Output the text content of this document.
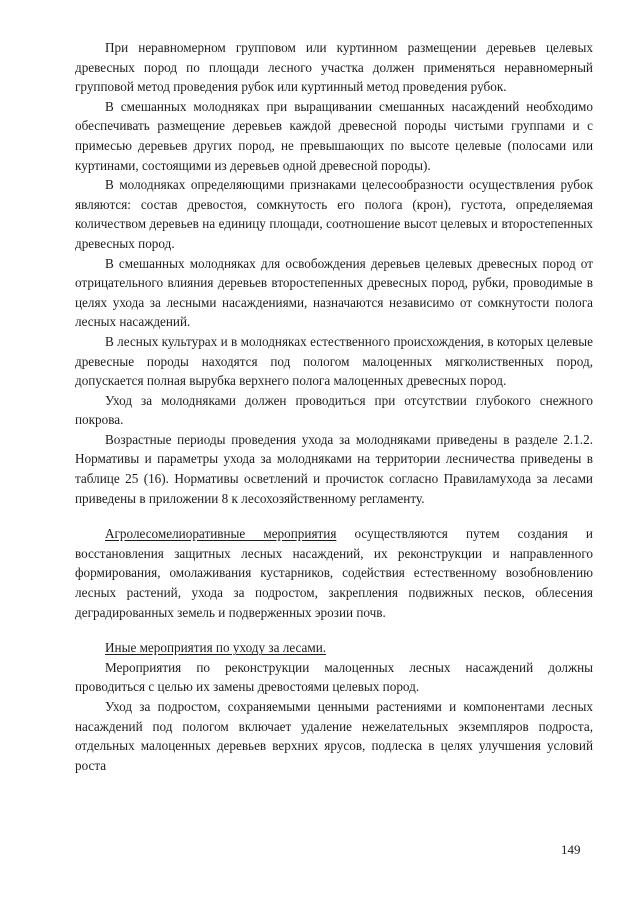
При неравномерном групповом или куртинном размещении деревьев целевых древесных пород по площади лесного участка должен применяться неравномерный групповой метод проведения рубок или куртинный метод проведения рубок.

В смешанных молодняках при выращивании смешанных насаждений необходимо обеспечивать размещение деревьев каждой древесной породы чистыми группами и с примесью деревьев других пород, не превышающих по высоте целевые (полосами или куртинами, состоящими из деревьев одной древесной породы).

В молодняках определяющими признаками целесообразности осуществления рубок являются: состав древостоя, сомкнутость его полога (крон), густота, определяемая количеством деревьев на единицу площади, соотношение высот целевых и второстепенных древесных пород.

В смешанных молодняках для освобождения деревьев целевых древесных пород от отрицательного влияния деревьев второстепенных древесных пород, рубки, проводимые в целях ухода за лесными насаждениями, назначаются независимо от сомкнутости полога лесных насаждений.

В лесных культурах и в молодняках естественного происхождения, в которых целевые древесные породы находятся под пологом малоценных мягколиственных пород, допускается полная вырубка верхнего полога малоценных древесных пород.

Уход за молодняками должен проводиться при отсутствии глубокого снежного покрова.

Возрастные периоды проведения ухода за молодняками приведены в разделе 2.1.2. Нормативы и параметры ухода за молодняками на территории лесничества приведены в таблице 25 (16). Нормативы осветлений и прочисток согласно Правиламухода за лесами приведены в приложении 8 к лесохозяйственному регламенту.

Агролесомелиоративные мероприятия осуществляются путем создания и восстановления защитных лесных насаждений, их реконструкции и направленного формирования, омолаживания кустарников, содействия естественному возобновлению лесных растений, ухода за подростом, закрепления подвижных песков, облесения деградированных земель и подверженных эрозии почв.

Иные мероприятия по уходу за лесами.

Мероприятия по реконструкции малоценных лесных насаждений должны проводиться с целью их замены древостоями целевых пород.

Уход за подростом, сохраняемыми ценными растениями и компонентами лесных насаждений под пологом включает удаление нежелательных экземпляров подроста, отдельных малоценных деревьев верхних ярусов, подлеска в целях улучшения условий роста

149
